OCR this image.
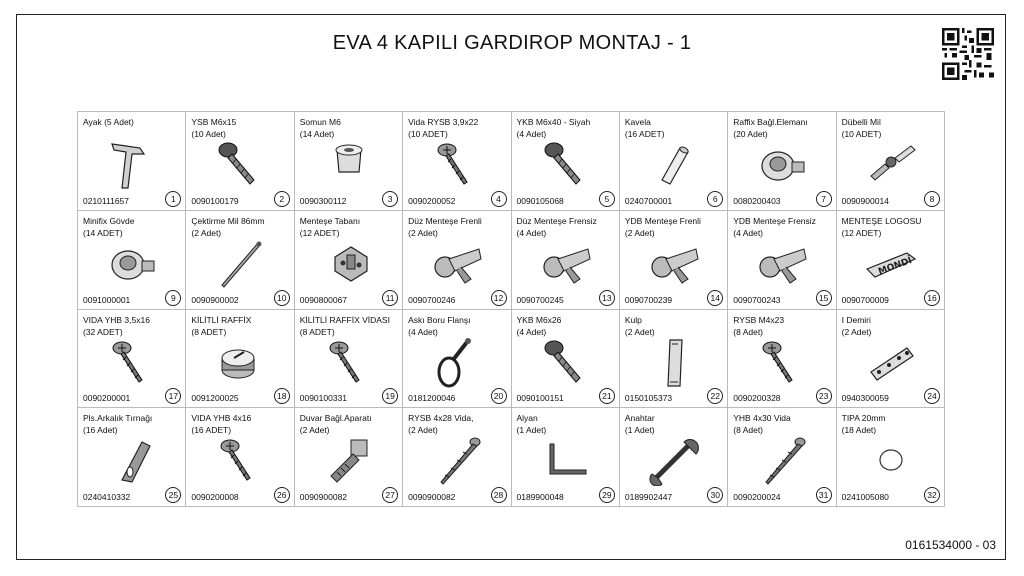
EVA 4 KAPILI GARDIROP MONTAJ - 1
Ayak (5 Adet)
0210111657	1
YSB M6x15
(10 Adet)
0090100179	2
Somun M6
(14 Adet)
0090300112	3
Vida RYSB 3,9x22
(10 ADET)
0090200052	4
YKB M6x40 - Siyah
(4 Adet)
0090105068	5
Kavela
(16 ADET)
0240700001	6
Raffix Bağl.Elemanı
(20 Adet)
0080200403	7
Dübelli Mil
(10 ADET)
0090900014	8
Minifix Gövde
(14 ADET)
0091000001	9
Çektirme Mil 86mm
(2 Adet)
0090900002	10
Menteşe Tabanı
(12 ADET)
0090800067	11
Düz Menteşe Frenli
(2 Adet)
0090700246	12
Düz Menteşe Frensiz
(4 Adet)
0090700245	13
YDB Menteşe Frenli
(2 Adet)
0090700239	14
YDB Menteşe Frensiz
(4 Adet)
0090700243	15
MENTEŞE LOGOSU
(12 ADET)
MONDİ
0090700009	16
VIDA YHB 3,5x16
(32 ADET)
0090200001	17
KİLİTLİ RAFFİX
(8 ADET)
0091200025	18
KİLİTLİ RAFFİX VİDASI
(8 ADET)
0090100331	19
Askı Boru Flanşı
(4 Adet)
0181200046	20
YKB M6x26
(4 Adet)
0090100151	21
Kulp
(2 Adet)
0150105373	22
RYSB M4x23
(8 Adet)
0090200328	23
I Demiri
(2 Adet)
0940300059	24
Pls.Arkalık Tırnağı
(16 Adet)
0240410332	25
VIDA YHB 4x16
(16 ADET)
0090200008	26
Duvar Bağl.Aparatı
(2 Adet)
0090900082	27
RYSB 4x28 Vida,
(2 Adet)
0090900082	28
Alyan
(1 Adet)
0189900048	29
Anahtar
(1 Adet)
0189902447	30
YHB 4x30 Vida
(8 Adet)
0090200024	31
TIPA 20mm
(18 Adet)
0241005080	32
0161534000 - 03
